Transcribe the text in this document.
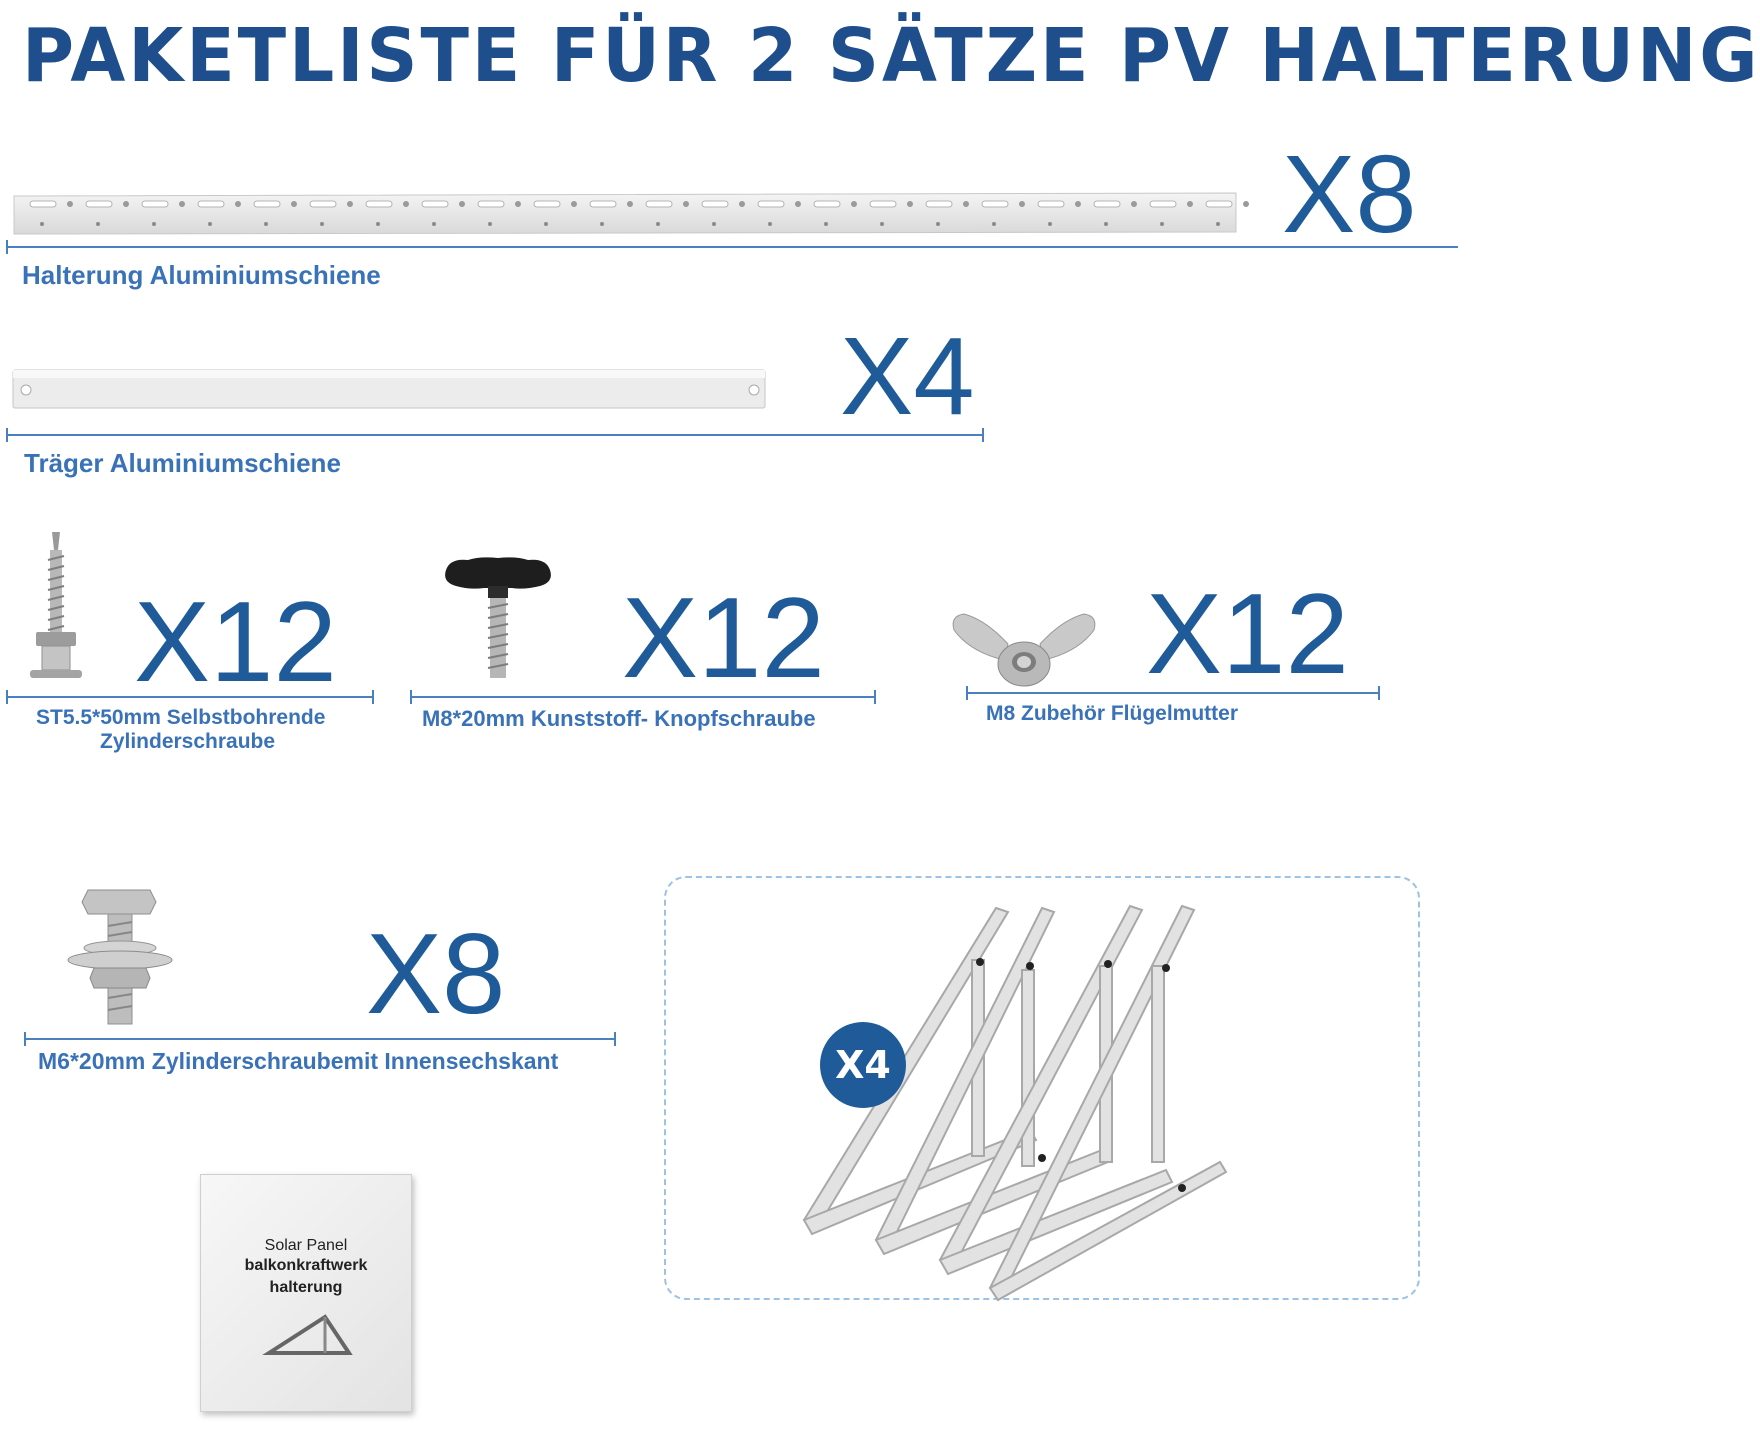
PAKETLISTE FÜR 2 SÄTZE PV HALTERUNG
X8
Halterung Aluminiumschiene
X4
Träger Aluminiumschiene
X12
ST5.5*50mm Selbstbohrende
Zylinderschraube
X12
M8*20mm Kunststoff- Knopfschraube
X12
M8 Zubehör Flügelmutter
X8
M6*20mm Zylinderschraubemit Innensechskant	X4
Solar Panel
balkonkraftwerk
halterung
